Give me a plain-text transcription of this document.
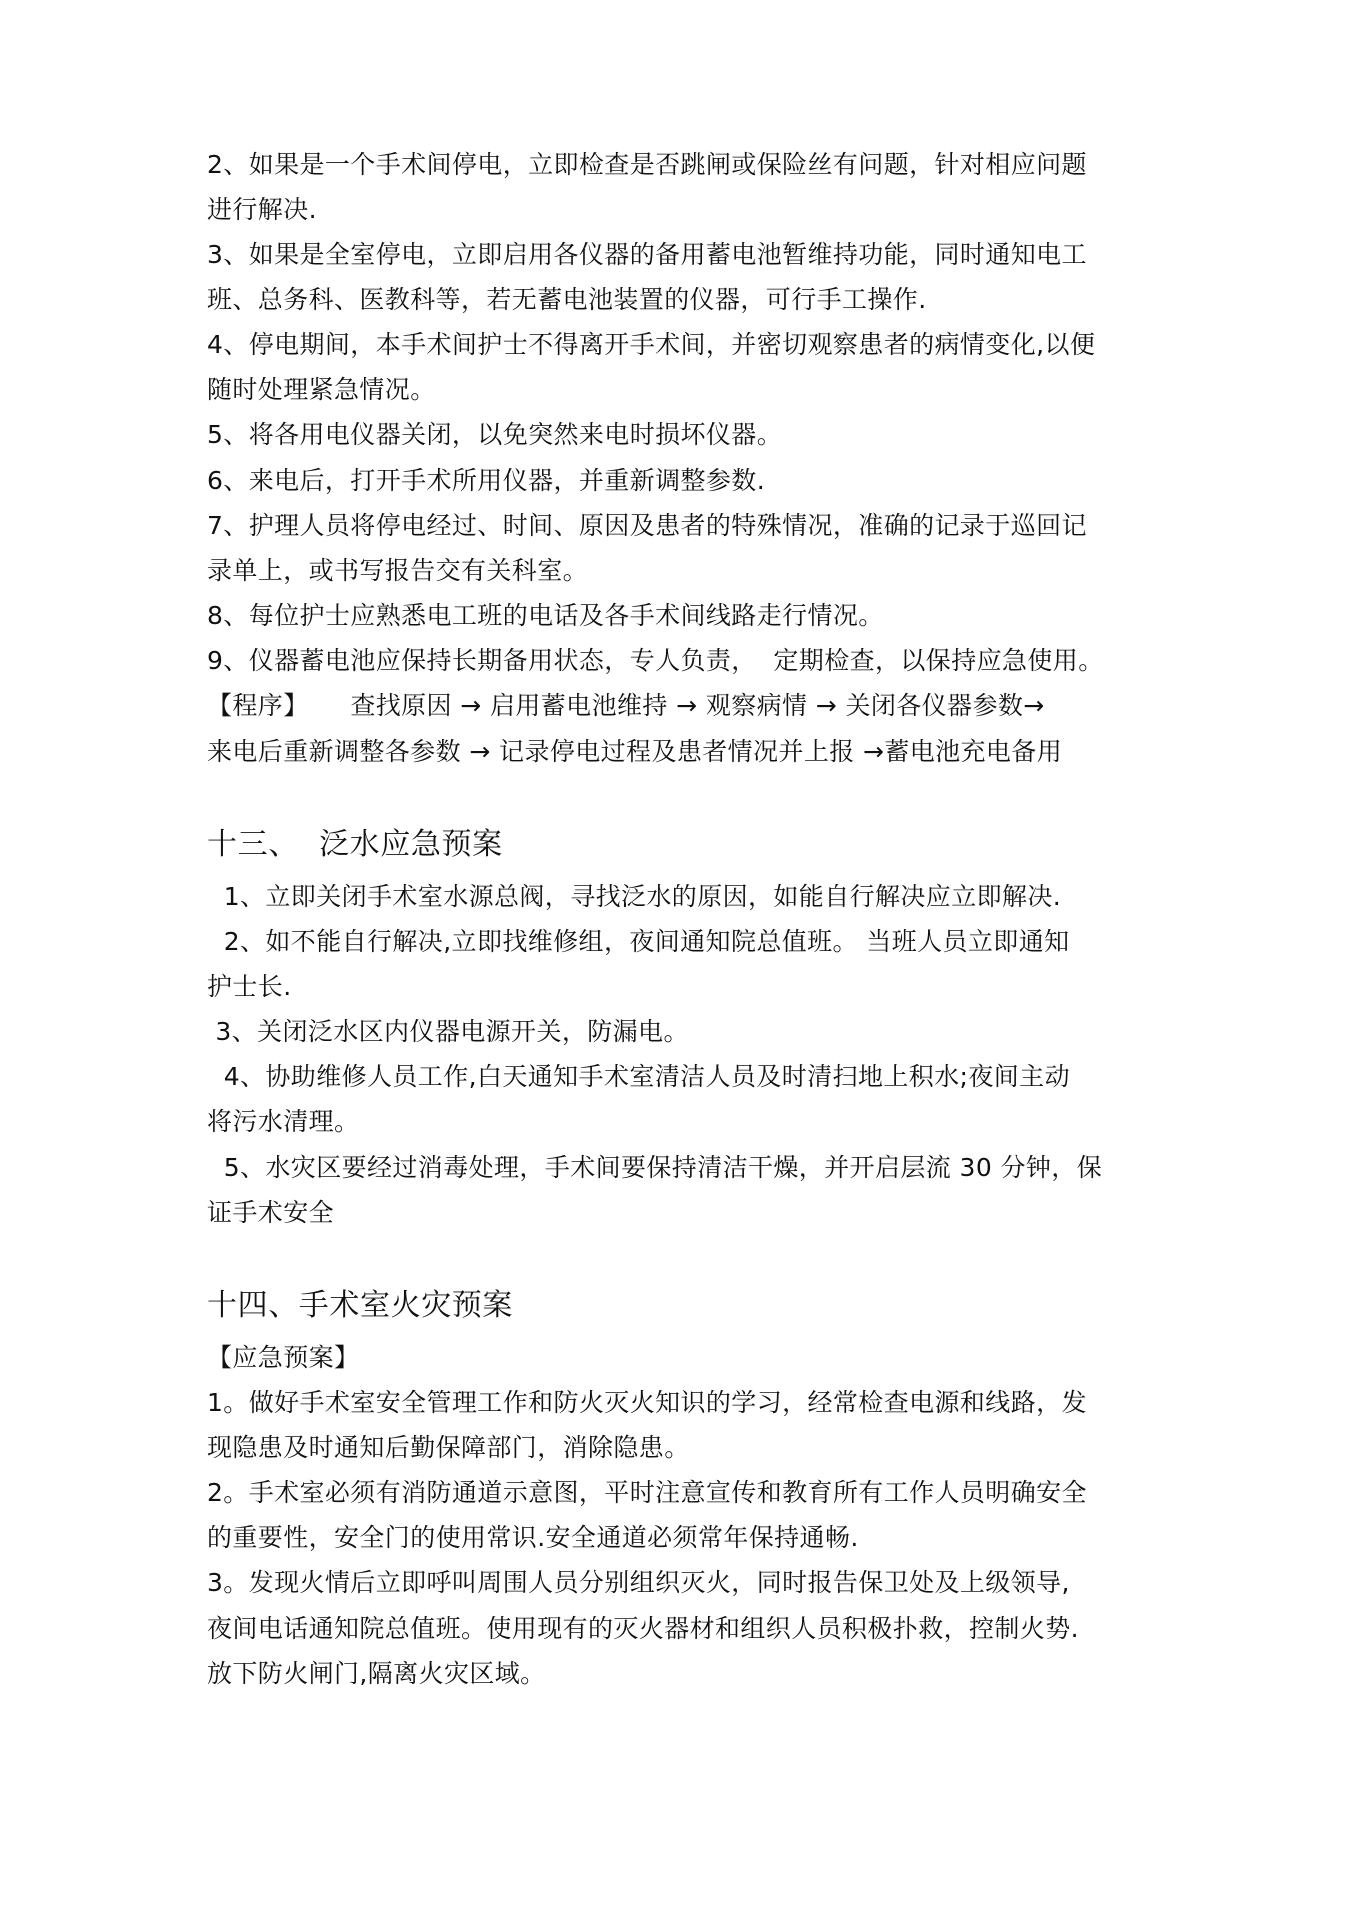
2、如果是一个手术间停电，立即检查是否跳闸或保险丝有问题，针对相应问题
进行解决.
3、如果是全室停电，立即启用各仪器的备用蓄电池暂维持功能，同时通知电工
班、总务科、医教科等，若无蓄电池装置的仪器，可行手工操作.
4、停电期间，本手术间护士不得离开手术间，并密切观察患者的病情变化,以便
随时处理紧急情况。
5、将各用电仪器关闭，以免突然来电时损坏仪器。
6、来电后，打开手术所用仪器，并重新调整参数.
7、护理人员将停电经过、时间、原因及患者的特殊情况，准确的记录于巡回记
录单上，或书写报告交有关科室。
8、每位护士应熟悉电工班的电话及各手术间线路走行情况。
9、仪器蓄电池应保持长期备用状态，专人负责，  定期检查，以保持应急使用。
【程序】     查找原因 → 启用蓄电池维持 → 观察病情 → 关闭各仪器参数→
来电后重新调整各参数 → 记录停电过程及患者情况并上报 →蓄电池充电备用
十三、  泛水应急预案
1、立即关闭手术室水源总阀，寻找泛水的原因，如能自行解决应立即解决.
2、如不能自行解决,立即找维修组，夜间通知院总值班。 当班人员立即通知
护士长.
3、关闭泛水区内仪器电源开关，防漏电。
4、协助维修人员工作,白天通知手术室清洁人员及时清扫地上积水;夜间主动
将污水清理。
5、水灾区要经过消毒处理，手术间要保持清洁干燥，并开启层流 30 分钟，保
证手术安全
十四、手术室火灾预案
【应急预案】
1。做好手术室安全管理工作和防火灭火知识的学习，经常检查电源和线路，发
现隐患及时通知后勤保障部门，消除隐患。
2。手术室必须有消防通道示意图，平时注意宣传和教育所有工作人员明确安全
的重要性，安全门的使用常识.安全通道必须常年保持通畅.
3。发现火情后立即呼叫周围人员分别组织灭火，同时报告保卫处及上级领导,
夜间电话通知院总值班。使用现有的灭火器材和组织人员积极扑救，控制火势.
放下防火闸门,隔离火灾区域。
